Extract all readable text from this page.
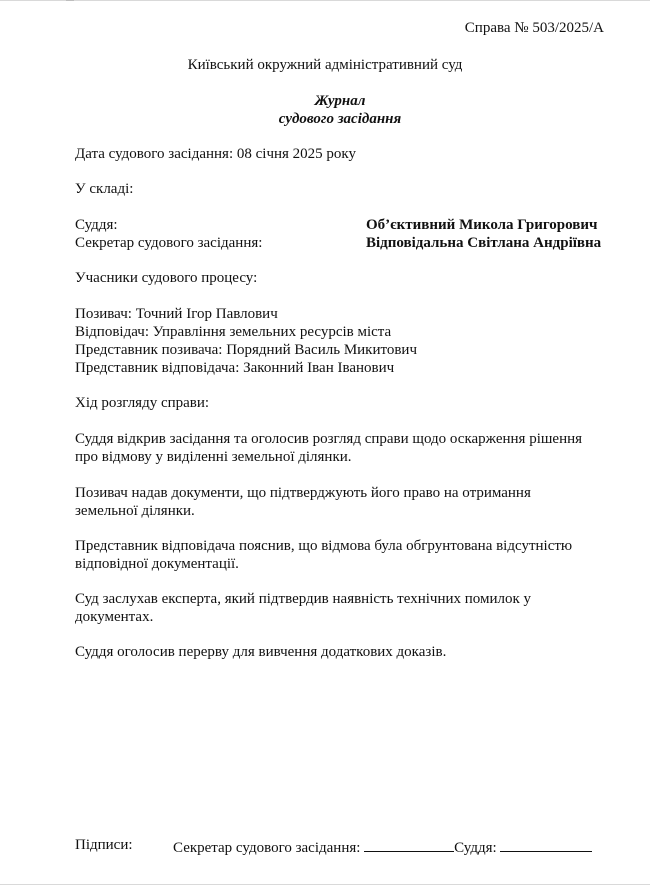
Справа № 503/2025/А
Київський окружний адміністративний суд
Журнал
судового засідання
Дата судового засідання: 08 січня 2025 року
У складі:
Суддя:	Об’єктивний Микола Григорович
Секретар судового засідання:	Відповідальна Світлана Андріївна
Учасники судового процесу:
Позивач: Точний Ігор Павлович
Відповідач: Управління земельних ресурсів міста
Представник позивача: Порядний Василь Микитович
Представник відповідача: Законний Іван Іванович
Хід розгляду справи:
Суддя відкрив засідання та оголосив розгляд справи щодо оскарження рішення про відмову у виділенні земельної ділянки.
Позивач надав документи, що підтверджують його право на отримання земельної ділянки.
Представник відповідача пояснив, що відмова була обгрунтована відсутністю відповідної документації.
Суд заслухав експерта, який підтвердив наявність технічних помилок у документах.
Суддя оголосив перерву для вивчення додаткових доказів.
Підписи:	Секретар судового засідання:	Суддя:
